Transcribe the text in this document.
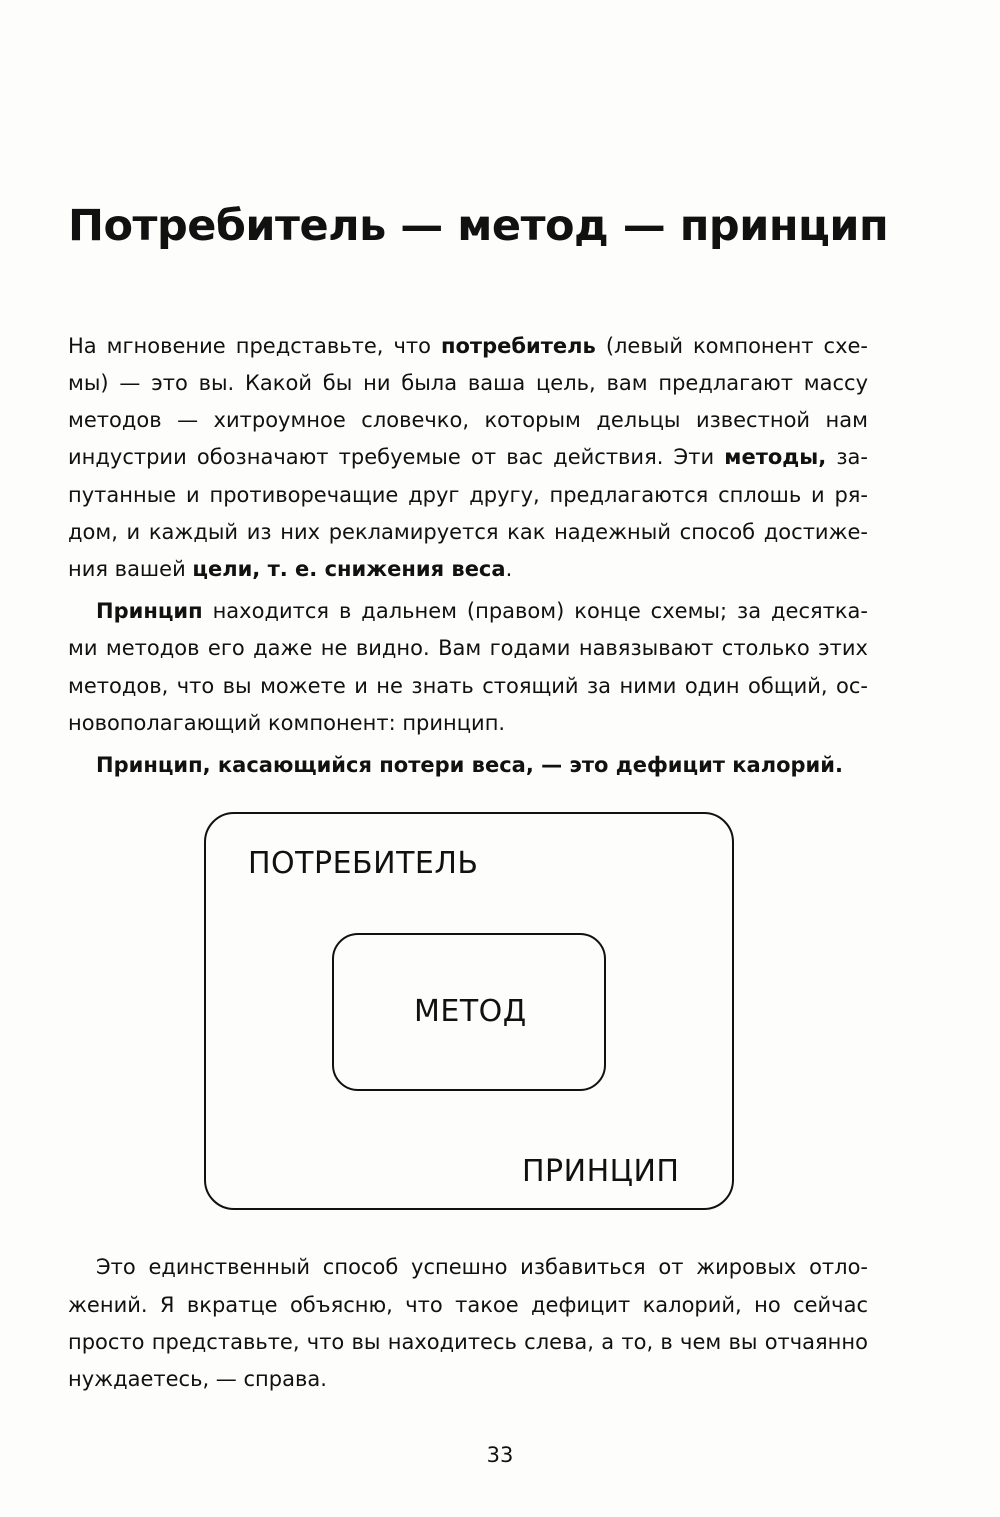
Потребитель — метод — принцип
На мгновение представьте, что потребитель (левый компонент схе-
мы) — это вы. Какой бы ни была ваша цель, вам предлагают массу
методов — хитроумное словечко, которым дельцы известной нам
индустрии обозначают требуемые от вас действия. Эти методы, за-
путанные и противоречащие друг другу, предлагаются сплошь и ря-
дом, и каждый из них рекламируется как надежный способ достиже-
ния вашей цели, т. е. снижения веса.
Принцип находится в дальнем (правом) конце схемы; за десятка-
ми методов его даже не видно. Вам годами навязывают столько этих
методов, что вы можете и не знать стоящий за ними один общий, ос-
новополагающий компонент: принцип.
Принцип, касающийся потери веса, — это дефицит калорий.
ПОТРЕБИТЕЛЬ
МЕТОД
ПРИНЦИП
Это единственный способ успешно избавиться от жировых отло-
жений. Я вкратце объясню, что такое дефицит калорий, но сейчас
просто представьте, что вы находитесь слева, а то, в чем вы отчаянно
нуждаетесь, — справа.
33
